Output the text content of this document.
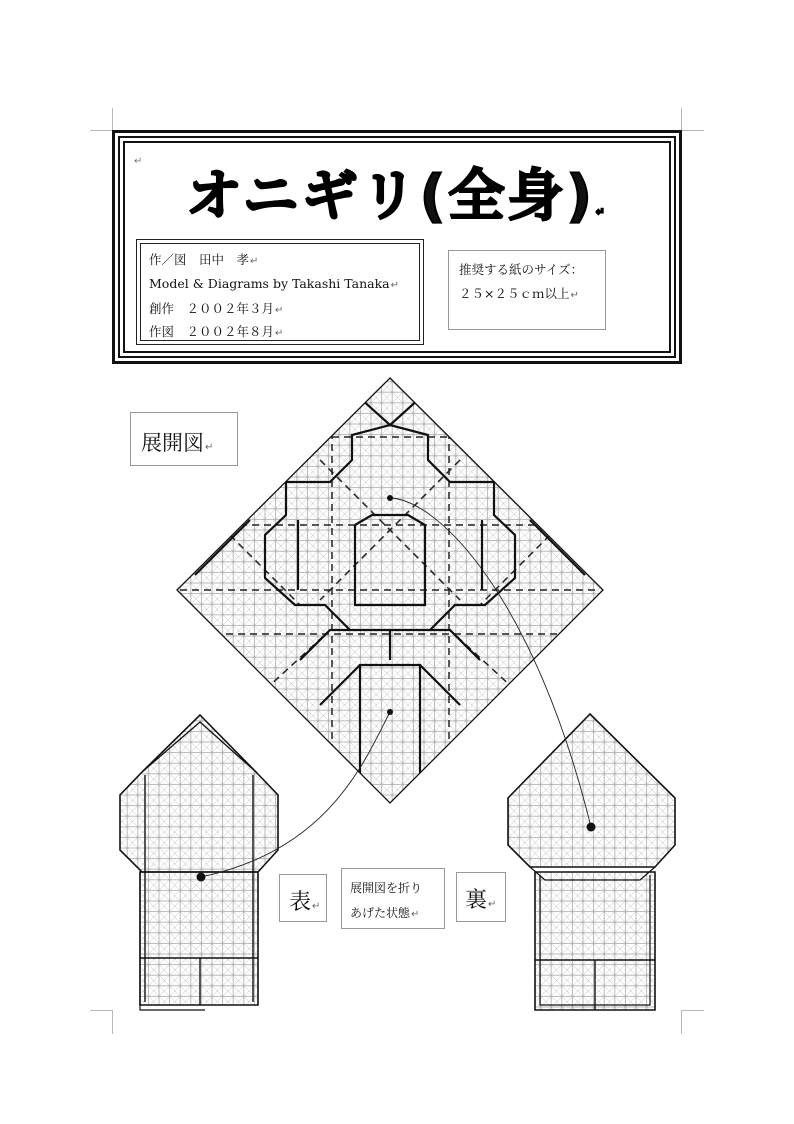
↵
オニギリ(全身)↵
作／図　田中　孝↵
Model & Diagrams by Takashi Tanaka↵
創作　２００２年３月↵
作図　２００２年８月↵
推奨する紙のサイズ：
２５×２５ｃｍ以上↵
展開図↵
表↵
展開図を折り
あげた状態↵
裏↵
